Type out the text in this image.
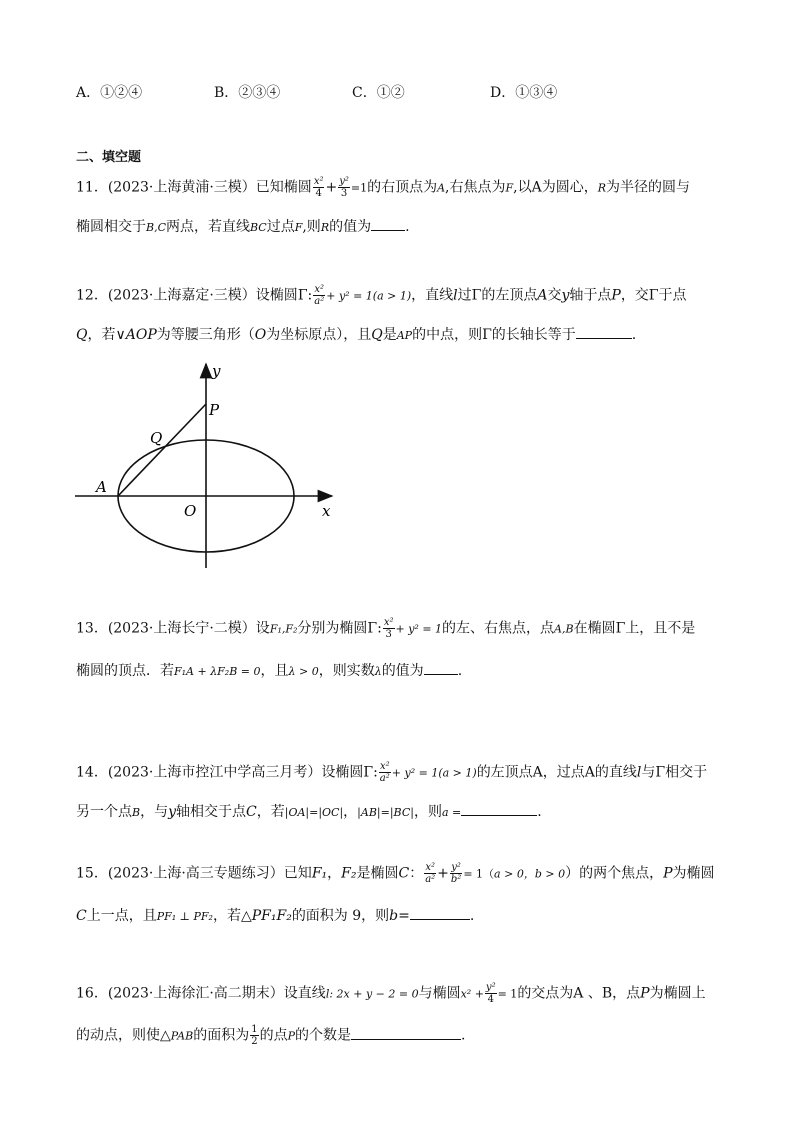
A．①②④	B．②③④	C．①②	D．①③④
二、填空题
11．(2023·上海黄浦·三模）已知椭圆 $\frac{\text{x²}}{4} + \frac{\text{y²}}{3} =1$的右顶点为A,右焦点为F,以A为圆心，R为半径的圆与
椭圆相交于B,C两点，若直线BC过点F,则R的值为 .
12．(2023·上海嘉定·三模）设椭圆Γ: $\frac{\text{x²}}{\text{a²}} + y^2 = 1(a > 1)$，直线l过Γ的左顶点A交y轴于点P，交Γ于点
Q，若∨AOP为等腰三角形（O为坐标原点），且Q是AP的中点，则Γ的长轴长等于	.
y
x
P
Q
A
O
13．(2023·上海长宁·二模）设F₁,F₂分别为椭圆Γ: $\frac{\text{x²}}{3} + y^2 = 1$的左、右焦点，点A,B在椭圆Γ上，且不是
椭圆的顶点．若F₁A + λF₂B = 0，且λ > 0，则实数λ的值为 .
14．(2023·上海市控江中学高三月考）设椭圆Γ: $\frac{\text{x²}}{\text{a²}} + y^2 = 1(a > 1)$的左顶点A，过点A的直线l与Γ相交于
另一个点B，与y轴相交于点C，若|OA|=|OC|，|AB|=|BC|，则a =	.
15．(2023·上海·高三专题练习）已知F₁，F₂是椭圆C： $\frac{\text{x²}}{\text{a²}} + \frac{\text{y²}}{\text{b²}} = 1(a > 0$，b > 0）的两个焦点，P为椭圆
C上一点，且PF₁ ⊥ PF₂，若△PF₁F₂的面积为 9，则b=	.
16．(2023·上海徐汇·高二期末）设直线l: 2x + y − 2 = 0与椭圆$x^2 + \frac{\text{y²}}{4} = 1$的交点为A 、B，点P为椭圆上
的动点，则使△PAB的面积为 $\frac{1}{2}$ 的点P的个数是	.
